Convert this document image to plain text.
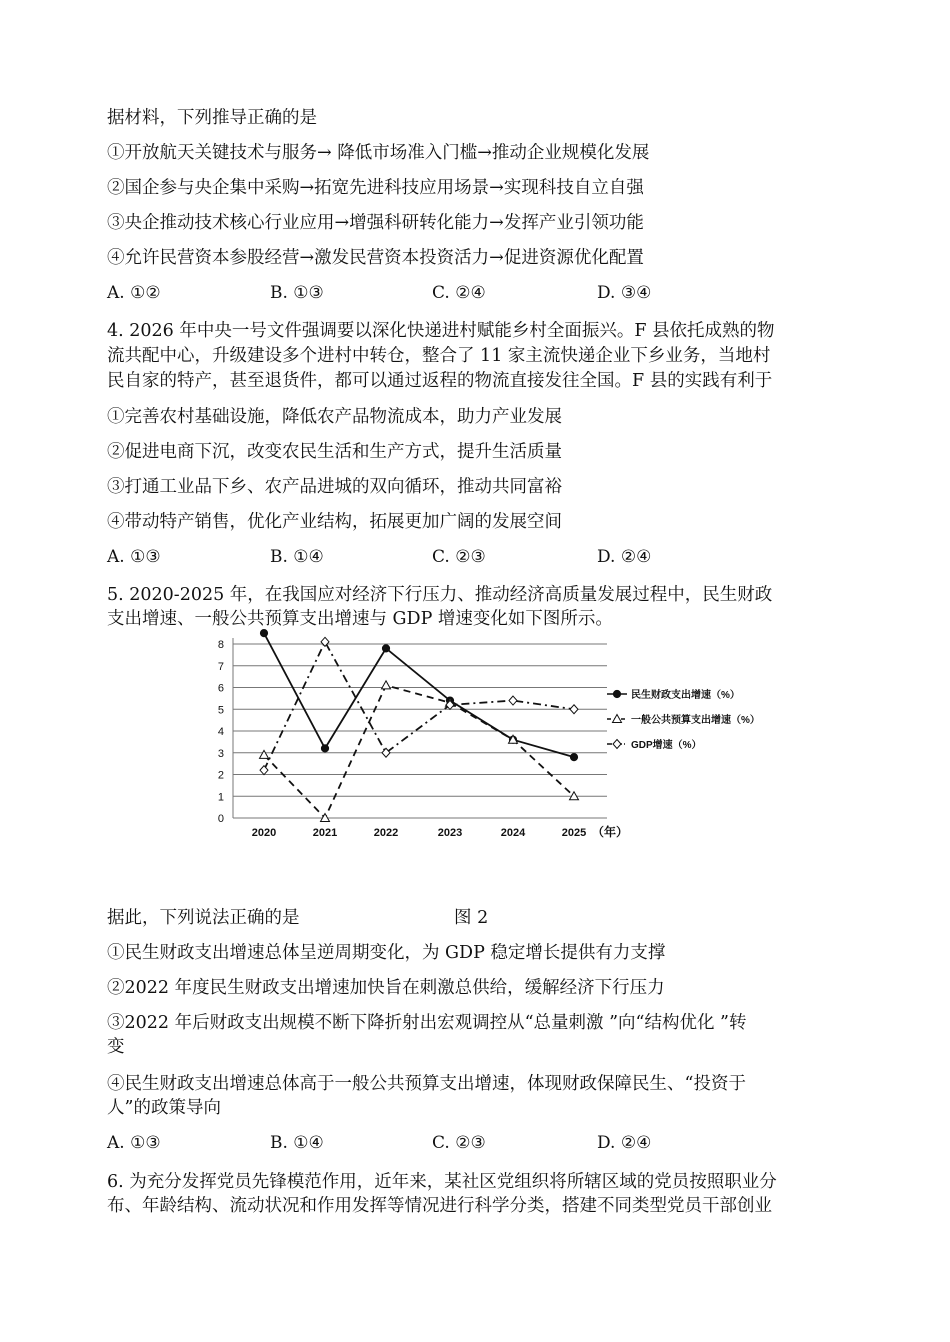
据材料，下列推导正确的是
①开放航天关键技术与服务→ 降低市场准入门槛→推动企业规模化发展
②国企参与央企集中采购→拓宽先进科技应用场景→实现科技自立自强
③央企推动技术核心行业应用→增强科研转化能力→发挥产业引领功能
④允许民营资本参股经营→激发民营资本投资活力→促进资源优化配置
A. ①②	B. ①③	C. ②④	D. ③④
4. 2026 年中央一号文件强调要以深化快递进村赋能乡村全面振兴。F 县依托成熟的物
流共配中心，升级建设多个进村中转仓，整合了 11 家主流快递企业下乡业务，当地村
民自家的特产，甚至退货件，都可以通过返程的物流直接发往全国。F 县的实践有利于
①完善农村基础设施，降低农产品物流成本，助力产业发展
②促进电商下沉，改变农民生活和生产方式，提升生活质量
③打通工业品下乡、农产品进城的双向循环，推动共同富裕
④带动特产销售，优化产业结构，拓展更加广阔的发展空间
A. ①③	B. ①④	C. ②③	D. ②④
5. 2020-2025 年，在我国应对经济下行压力、推动经济高质量发展过程中，民生财政
支出增速、一般公共预算支出增速与 GDP 增速变化如下图所示。
0
1
2
3
4
5
6
7
8
2020	2021	2022	2023	2024	2025 （年）
民生财政支出增速（%）
一般公共预算支出增速（%）
GDP增速（%）
据此，下列说法正确的是	图 2
①民生财政支出增速总体呈逆周期变化，为 GDP 稳定增长提供有力支撑
②2022 年度民生财政支出增速加快旨在刺激总供给，缓解经济下行压力
③2022 年后财政支出规模不断下降折射出宏观调控从“总量刺激 ”向“结构优化 ”转
变
④民生财政支出增速总体高于一般公共预算支出增速，体现财政保障民生、“投资于
人”的政策导向
A. ①③	B. ①④	C. ②③	D. ②④
6. 为充分发挥党员先锋模范作用，近年来，某社区党组织将所辖区域的党员按照职业分
布、年龄结构、流动状况和作用发挥等情况进行科学分类，搭建不同类型党员干部创业
